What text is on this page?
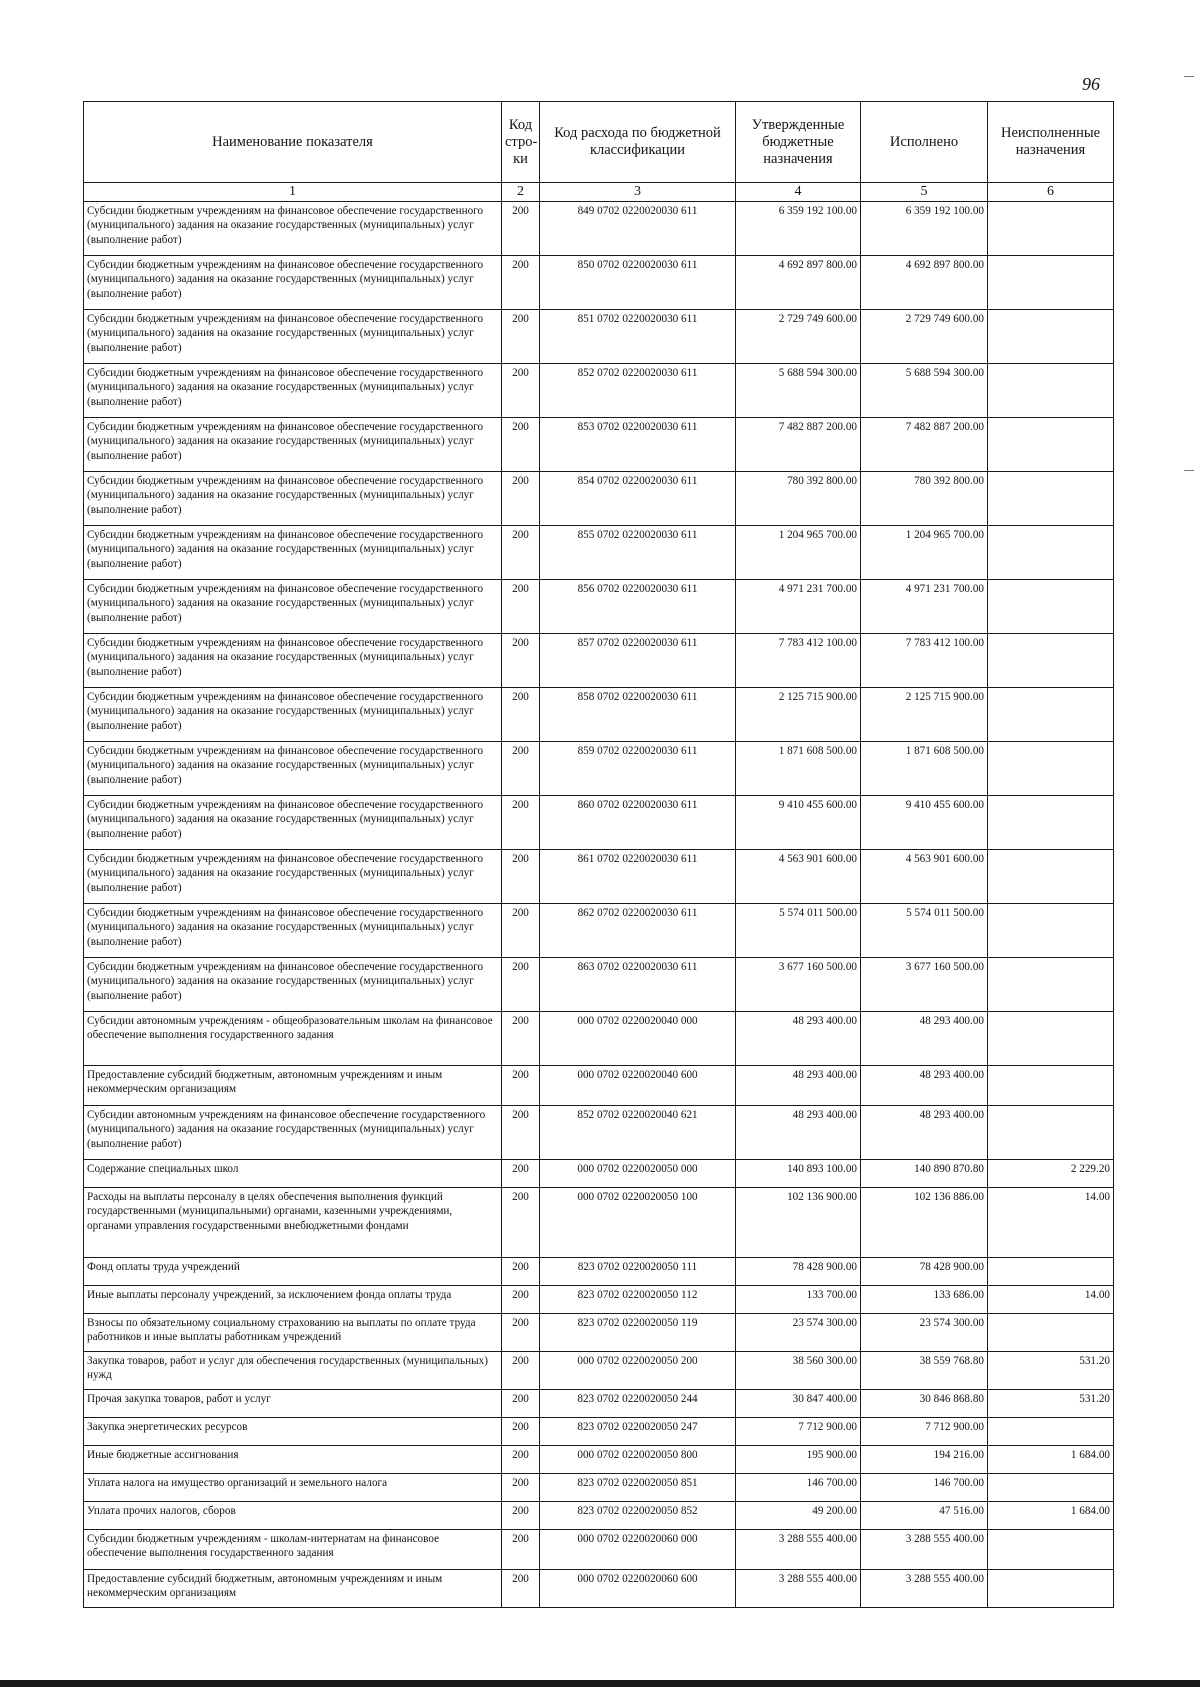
96
Наименование показателя	Код стро- ки	Код расхода по бюджетной классификации	Утвержденные бюджетные назначения	Исполнено	Неисполненные назначения
1	2	3	4	5	6
Субсидии бюджетным учреждениям на финансовое обеспечение государственного (муниципального) задания на оказание государственных (муниципальных) услуг (выполнение работ)	200	849 0702 0220020030 611	6 359 192 100.00	6 359 192 100.00	
Субсидии бюджетным учреждениям на финансовое обеспечение государственного (муниципального) задания на оказание государственных (муниципальных) услуг (выполнение работ)	200	850 0702 0220020030 611	4 692 897 800.00	4 692 897 800.00	
Субсидии бюджетным учреждениям на финансовое обеспечение государственного (муниципального) задания на оказание государственных (муниципальных) услуг (выполнение работ)	200	851 0702 0220020030 611	2 729 749 600.00	2 729 749 600.00	
Субсидии бюджетным учреждениям на финансовое обеспечение государственного (муниципального) задания на оказание государственных (муниципальных) услуг (выполнение работ)	200	852 0702 0220020030 611	5 688 594 300.00	5 688 594 300.00	
Субсидии бюджетным учреждениям на финансовое обеспечение государственного (муниципального) задания на оказание государственных (муниципальных) услуг (выполнение работ)	200	853 0702 0220020030 611	7 482 887 200.00	7 482 887 200.00	
Субсидии бюджетным учреждениям на финансовое обеспечение государственного (муниципального) задания на оказание государственных (муниципальных) услуг (выполнение работ)	200	854 0702 0220020030 611	780 392 800.00	780 392 800.00	
Субсидии бюджетным учреждениям на финансовое обеспечение государственного (муниципального) задания на оказание государственных (муниципальных) услуг (выполнение работ)	200	855 0702 0220020030 611	1 204 965 700.00	1 204 965 700.00	
Субсидии бюджетным учреждениям на финансовое обеспечение государственного (муниципального) задания на оказание государственных (муниципальных) услуг (выполнение работ)	200	856 0702 0220020030 611	4 971 231 700.00	4 971 231 700.00	
Субсидии бюджетным учреждениям на финансовое обеспечение государственного (муниципального) задания на оказание государственных (муниципальных) услуг (выполнение работ)	200	857 0702 0220020030 611	7 783 412 100.00	7 783 412 100.00	
Субсидии бюджетным учреждениям на финансовое обеспечение государственного (муниципального) задания на оказание государственных (муниципальных) услуг (выполнение работ)	200	858 0702 0220020030 611	2 125 715 900.00	2 125 715 900.00	
Субсидии бюджетным учреждениям на финансовое обеспечение государственного (муниципального) задания на оказание государственных (муниципальных) услуг (выполнение работ)	200	859 0702 0220020030 611	1 871 608 500.00	1 871 608 500.00	
Субсидии бюджетным учреждениям на финансовое обеспечение государственного (муниципального) задания на оказание государственных (муниципальных) услуг (выполнение работ)	200	860 0702 0220020030 611	9 410 455 600.00	9 410 455 600.00	
Субсидии бюджетным учреждениям на финансовое обеспечение государственного (муниципального) задания на оказание государственных (муниципальных) услуг (выполнение работ)	200	861 0702 0220020030 611	4 563 901 600.00	4 563 901 600.00	
Субсидии бюджетным учреждениям на финансовое обеспечение государственного (муниципального) задания на оказание государственных (муниципальных) услуг (выполнение работ)	200	862 0702 0220020030 611	5 574 011 500.00	5 574 011 500.00	
Субсидии бюджетным учреждениям на финансовое обеспечение государственного (муниципального) задания на оказание государственных (муниципальных) услуг (выполнение работ)	200	863 0702 0220020030 611	3 677 160 500.00	3 677 160 500.00	
Субсидии автономным учреждениям - общеобразовательным школам на финансовое обеспечение выполнения государственного задания	200	000 0702 0220020040 000	48 293 400.00	48 293 400.00	
Предоставление субсидий бюджетным, автономным учреждениям и иным некоммерческим организациям	200	000 0702 0220020040 600	48 293 400.00	48 293 400.00	
Субсидии автономным учреждениям на финансовое обеспечение государственного (муниципального) задания на оказание государственных (муниципальных) услуг (выполнение работ)	200	852 0702 0220020040 621	48 293 400.00	48 293 400.00	
Содержание специальных школ	200	000 0702 0220020050 000	140 893 100.00	140 890 870.80	2 229.20
Расходы на выплаты персоналу в целях обеспечения выполнения функций государственными (муниципальными) органами, казенными учреждениями, органами управления государственными внебюджетными фондами	200	000 0702 0220020050 100	102 136 900.00	102 136 886.00	14.00
Фонд оплаты труда учреждений	200	823 0702 0220020050 111	78 428 900.00	78 428 900.00	
Иные выплаты персоналу учреждений, за исключением фонда оплаты труда	200	823 0702 0220020050 112	133 700.00	133 686.00	14.00
Взносы по обязательному социальному страхованию на выплаты по оплате труда работников и иные выплаты работникам учреждений	200	823 0702 0220020050 119	23 574 300.00	23 574 300.00	
Закупка товаров, работ и услуг для обеспечения государственных (муниципальных) нужд	200	000 0702 0220020050 200	38 560 300.00	38 559 768.80	531.20
Прочая закупка товаров, работ и услуг	200	823 0702 0220020050 244	30 847 400.00	30 846 868.80	531.20
Закупка энергетических ресурсов	200	823 0702 0220020050 247	7 712 900.00	7 712 900.00	
Иные бюджетные ассигнования	200	000 0702 0220020050 800	195 900.00	194 216.00	1 684.00
Уплата налога на имущество организаций и земельного налога	200	823 0702 0220020050 851	146 700.00	146 700.00	
Уплата прочих налогов, сборов	200	823 0702 0220020050 852	49 200.00	47 516.00	1 684.00
Субсидии бюджетным учреждениям - школам-интернатам на финансовое обеспечение выполнения государственного задания	200	000 0702 0220020060 000	3 288 555 400.00	3 288 555 400.00	
Предоставление субсидий бюджетным, автономным учреждениям и иным некоммерческим организациям	200	000 0702 0220020060 600	3 288 555 400.00	3 288 555 400.00	
